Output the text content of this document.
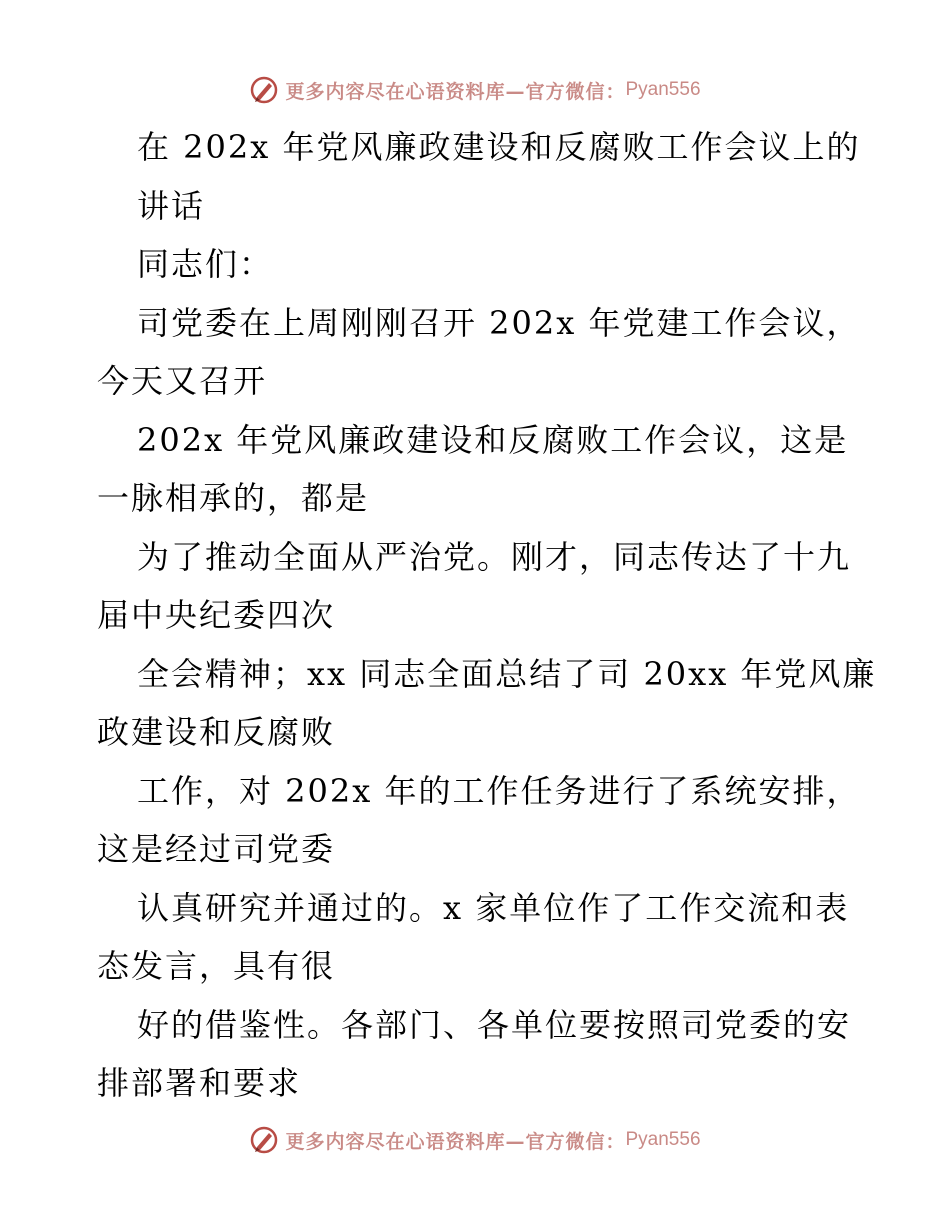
更多内容尽在心语资料库—官方微信： Pyan556
在 202x 年党风廉政建设和反腐败工作会议上的
讲话
同志们：
司党委在上周刚刚召开 202x 年党建工作会议，
今天又召开
202x 年党风廉政建设和反腐败工作会议，这是
一脉相承的，都是
为了推动全面从严治党。刚才，同志传达了十九
届中央纪委四次
全会精神；xx 同志全面总结了司 20xx 年党风廉
政建设和反腐败
工作，对 202x 年的工作任务进行了系统安排，
这是经过司党委
认真研究并通过的。x 家单位作了工作交流和表
态发言，具有很
好的借鉴性。各部门、各单位要按照司党委的安
排部署和要求
更多内容尽在心语资料库—官方微信： Pyan556
